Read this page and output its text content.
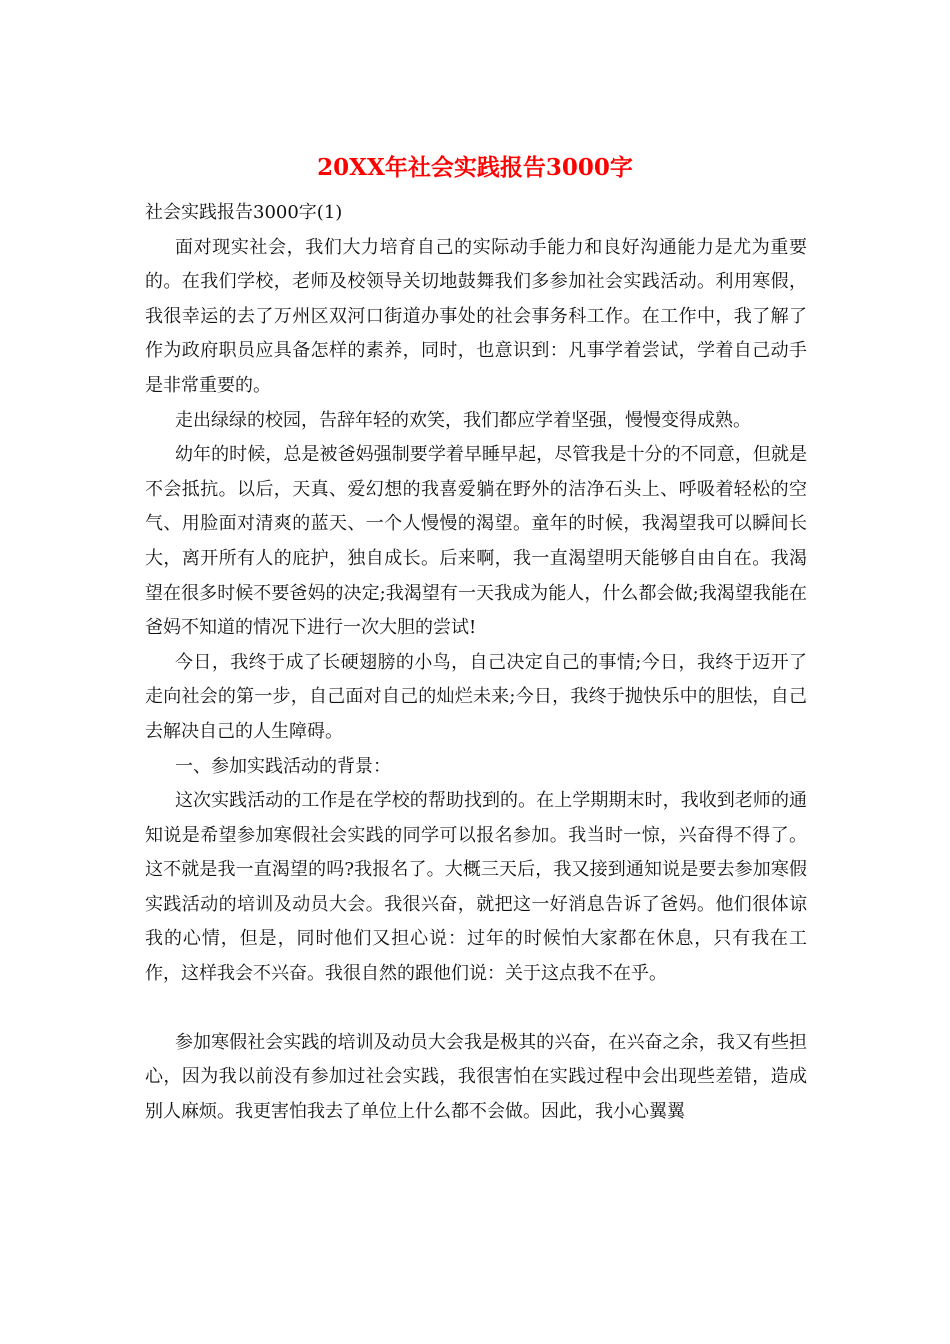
20XX年社会实践报告3000字

社会实践报告3000字(1)

面对现实社会，我们大力培育自己的实际动手能力和良好沟通能力是尤为重要的。在我们学校，老师及校领导关切地鼓舞我们多参加社会实践活动。利用寒假，我很幸运的去了万州区双河口街道办事处的社会事务科工作。在工作中，我了解了作为政府职员应具备怎样的素养，同时，也意识到：凡事学着尝试，学着自己动手是非常重要的。

走出绿绿的校园，告辞年轻的欢笑，我们都应学着坚强，慢慢变得成熟。

幼年的时候，总是被爸妈强制要学着早睡早起，尽管我是十分的不同意，但就是不会抵抗。以后，天真、爱幻想的我喜爱躺在野外的洁净石头上、呼吸着轻松的空气、用脸面对清爽的蓝天、一个人慢慢的渴望。童年的时候，我渴望我可以瞬间长大，离开所有人的庇护，独自成长。后来啊，我一直渴望明天能够自由自在。我渴望在很多时候不要爸妈的决定;我渴望有一天我成为能人，什么都会做;我渴望我能在爸妈不知道的情况下进行一次大胆的尝试!

今日，我终于成了长硬翅膀的小鸟，自己决定自己的事情;今日，我终于迈开了走向社会的第一步，自己面对自己的灿烂未来;今日，我终于抛快乐中的胆怯，自己去解决自己的人生障碍。

一、参加实践活动的背景：

这次实践活动的工作是在学校的帮助找到的。在上学期期末时，我收到老师的通知说是希望参加寒假社会实践的同学可以报名参加。我当时一惊，兴奋得不得了。这不就是我一直渴望的吗?我报名了。大概三天后，我又接到通知说是要去参加寒假实践活动的培训及动员大会。我很兴奋，就把这一好消息告诉了爸妈。他们很体谅我的心情，但是，同时他们又担心说：过年的时候怕大家都在休息，只有我在工作，这样我会不兴奋。我很自然的跟他们说：关于这点我不在乎。

参加寒假社会实践的培训及动员大会我是极其的兴奋，在兴奋之余，我又有些担心，因为我以前没有参加过社会实践，我很害怕在实践过程中会出现些差错，造成别人麻烦。我更害怕我去了单位上什么都不会做。因此，我小心翼翼
